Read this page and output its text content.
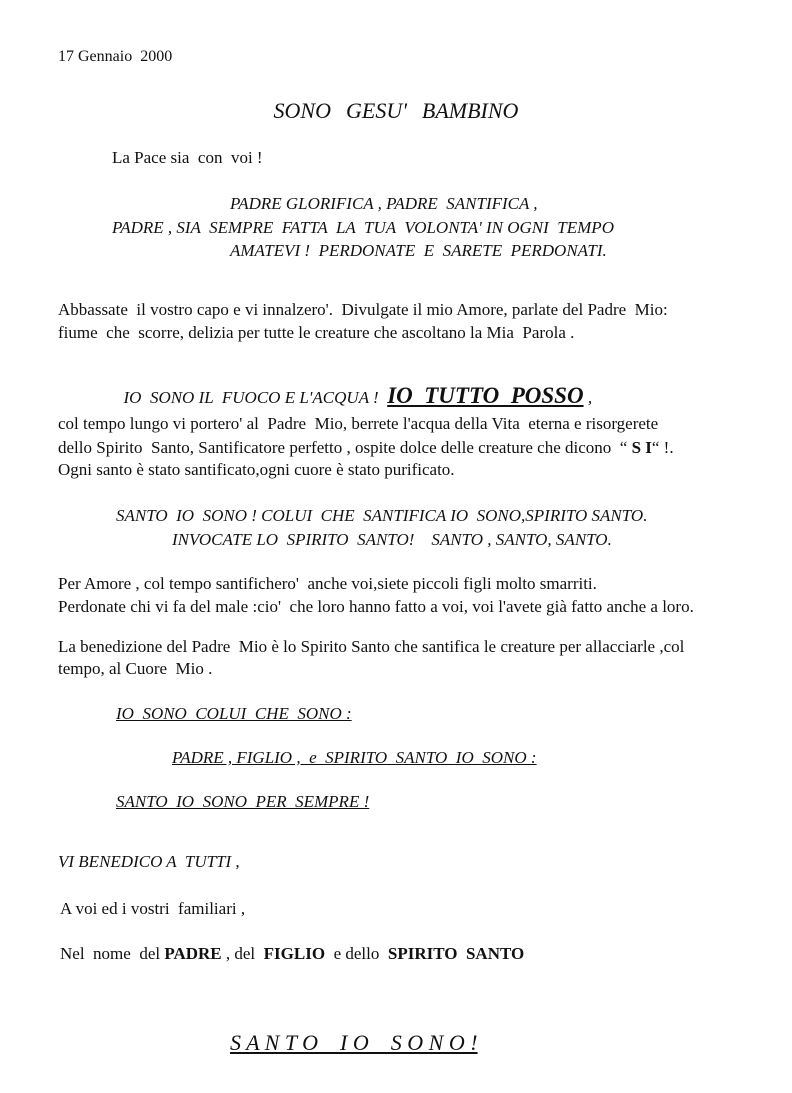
17 Gennaio  2000
SONO  GESU'  BAMBINO
La Pace sia  con  voi !
PADRE GLORIFICA , PADRE  SANTIFICA ,
PADRE , SIA  SEMPRE  FATTA  LA  TUA  VOLONTA' IN OGNI  TEMPO
AMATEVI !  PERDONATE  E  SARETE  PERDONATI.
Abbassate  il vostro capo e vi innalzero'.  Divulgate il mio Amore, parlate del Padre  Mio:
fiume  che  scorre, delizia per tutte le creature che ascoltano la Mia  Parola .

IO  SONO IL  FUOCO E L'ACQUA !  IO  TUTTO  POSSO ,

col tempo lungo vi portero' al  Padre  Mio, berrete l'acqua della Vita  eterna e risorgerete
dello Spirito  Santo, Santificatore perfetto , ospite dolce delle creature che dicono  “ S I“ !.
Ogni santo è stato santificato,ogni cuore è stato purificato.
SANTO  IO  SONO ! COLUI  CHE  SANTIFICA IO  SONO,SPIRITO SANTO.
INVOCATE LO  SPIRITO  SANTO!    SANTO , SANTO, SANTO.
Per Amore , col tempo santifichero'  anche voi,siete piccoli figli molto smarriti.
Perdonate chi vi fa del male :cio'  che loro hanno fatto a voi, voi l'avete già fatto anche a loro.
La benedizione del Padre  Mio è lo Spirito Santo che santifica le creature per allacciarle ,col
tempo, al Cuore  Mio .
IO  SONO  COLUI  CHE  SONO :
PADRE , FIGLIO ,  e  SPIRITO  SANTO  IO  SONO :
SANTO  IO  SONO  PER  SEMPRE !
VI BENEDICO A  TUTTI ,
A voi ed i vostri  familiari ,
Nel  nome  del PADRE , del  FIGLIO  e dello  SPIRITO  SANTO
S A N T O    I O    S O N O !
